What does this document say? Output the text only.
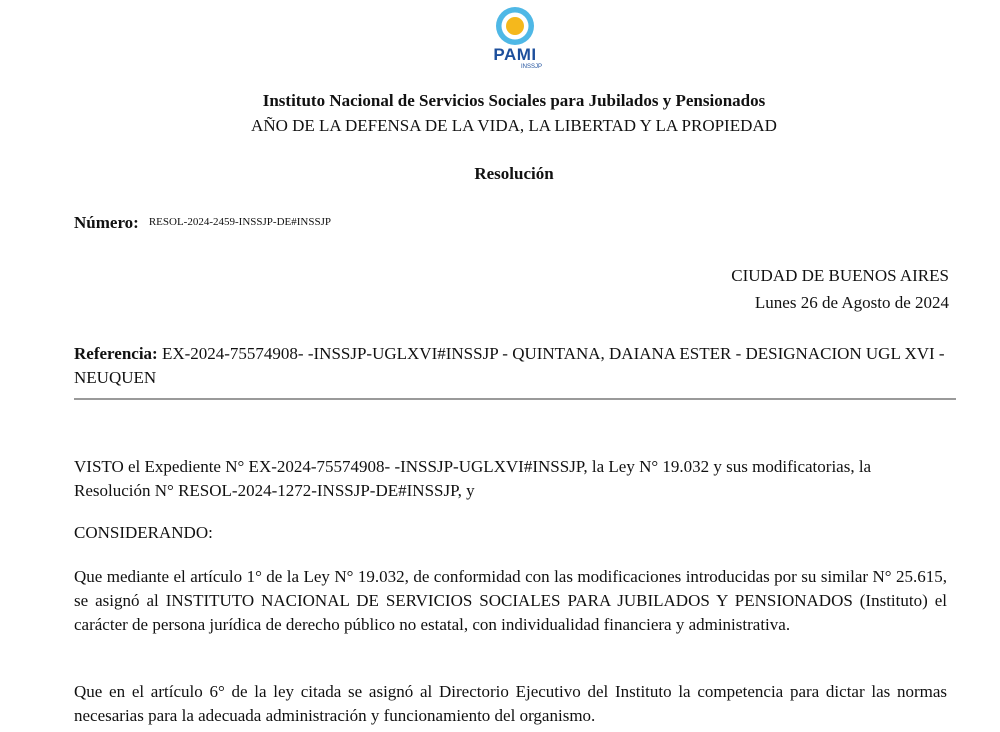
PAMI
INSSJP
Instituto Nacional de Servicios Sociales para Jubilados y Pensionados
AÑO DE LA DEFENSA DE LA VIDA, LA LIBERTAD Y LA PROPIEDAD
Resolución
Número: RESOL-2024-2459-INSSJP-DE#INSSJP
CIUDAD DE BUENOS AIRES
Lunes 26 de Agosto de 2024
Referencia: EX-2024-75574908- -INSSJP-UGLXVI#INSSJP - QUINTANA, DAIANA ESTER - DESIGNACION UGL XVI -NEUQUEN
VISTO el Expediente N° EX-2024-75574908- -INSSJP-UGLXVI#INSSJP, la Ley N° 19.032 y sus modificatorias, la Resolución N° RESOL-2024-1272-INSSJP-DE#INSSJP, y
CONSIDERANDO:
Que mediante el artículo 1° de la Ley N° 19.032, de conformidad con las modificaciones introducidas por su similar N° 25.615, se asignó al INSTITUTO NACIONAL DE SERVICIOS SOCIALES PARA JUBILADOS Y PENSIONADOS (Instituto) el carácter de persona jurídica de derecho público no estatal, con individualidad financiera y administrativa.
Que en el artículo 6° de la ley citada se asignó al Directorio Ejecutivo del Instituto la competencia para dictar las normas necesarias para la adecuada administración y funcionamiento del organismo.
